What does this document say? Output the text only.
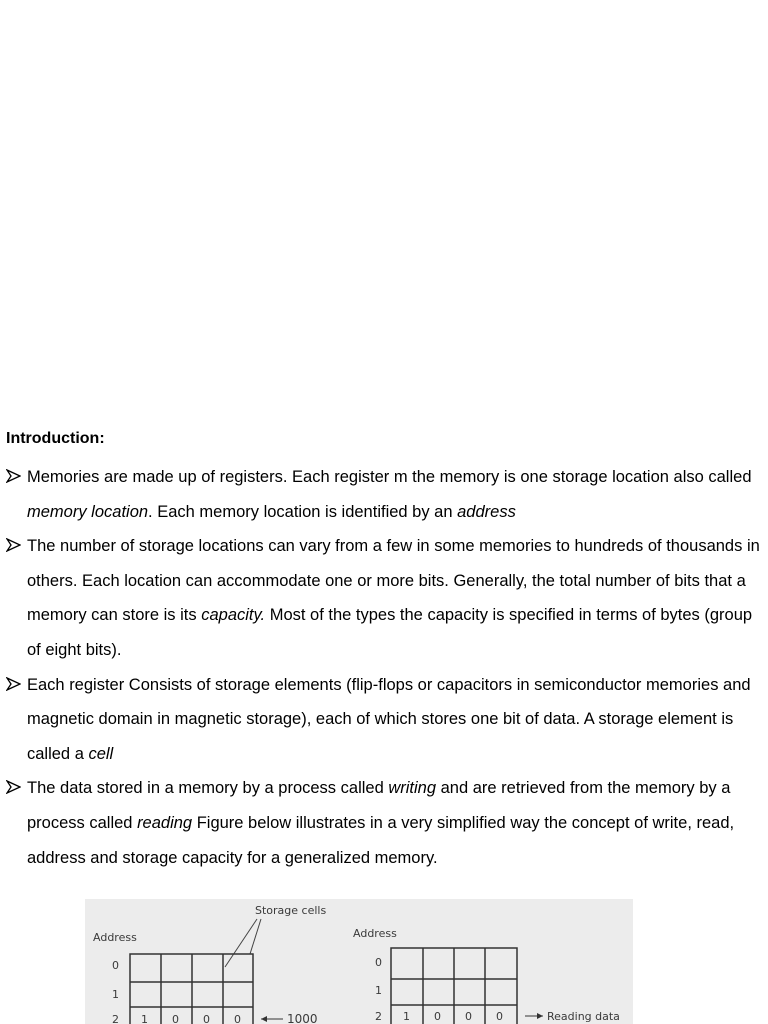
Introduction:
Memories are made up of registers. Each register m the memory is one storage location also called memory location. Each memory location is identified by an address
The number of storage locations can vary from a few in some memories to hundreds of thousands in others. Each location can accommodate one or more bits. Generally, the total number of bits that a memory can store is its capacity. Most of the types the capacity is specified in terms of bytes (group of eight bits).
Each register Consists of storage elements (flip-flops or capacitors in semiconductor memories and magnetic domain in magnetic storage), each of which stores one bit of data. A storage element is called a cell
The data stored in a memory by a process called writing and are retrieved from the memory by a process called reading Figure below illustrates in a very simplified way the concept of write, read, address and storage capacity for a generalized memory.
Storage cells
Address
0
1
2 1 0 0 0	1000
Address
0
1
2 1 0 0 0	Reading data
